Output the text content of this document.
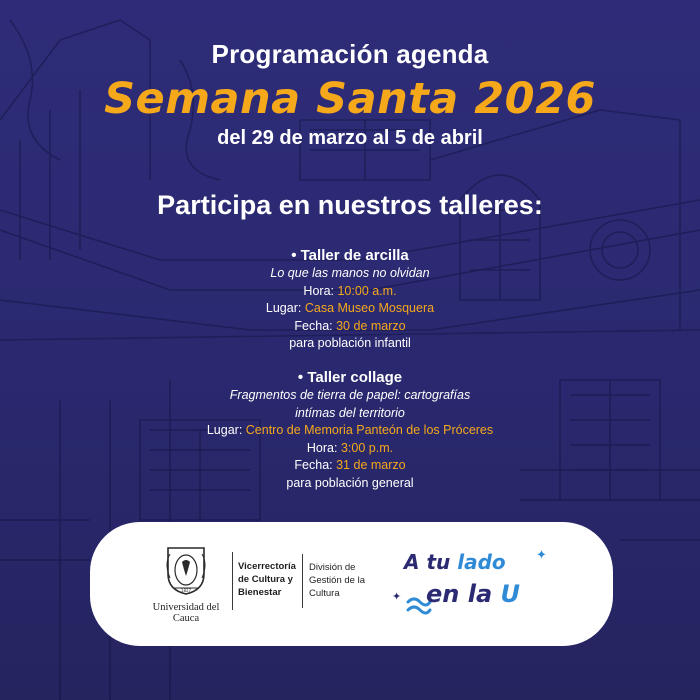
Programación agenda
Semana Santa 2026
del 29 de marzo al 5 de abril
Participa en nuestros talleres:
• Taller de arcilla
Lo que las manos no olvidan
Hora: 10:00 a.m.
Lugar: Casa Museo Mosquera
Fecha: 30 de marzo
para población infantil
• Taller collage
Fragmentos de tierra de papel: cartografías
intímas del territorio
Lugar: Centro de Memoria Panteón de los Próceres
Hora: 3:00 p.m.
Fecha: 31 de marzo
para población general
1827
Universidad del Cauca
Vicerrectoría de Cultura y Bienestar
División de Gestión de la Cultura	✦
✦
A tu lado
en la U
